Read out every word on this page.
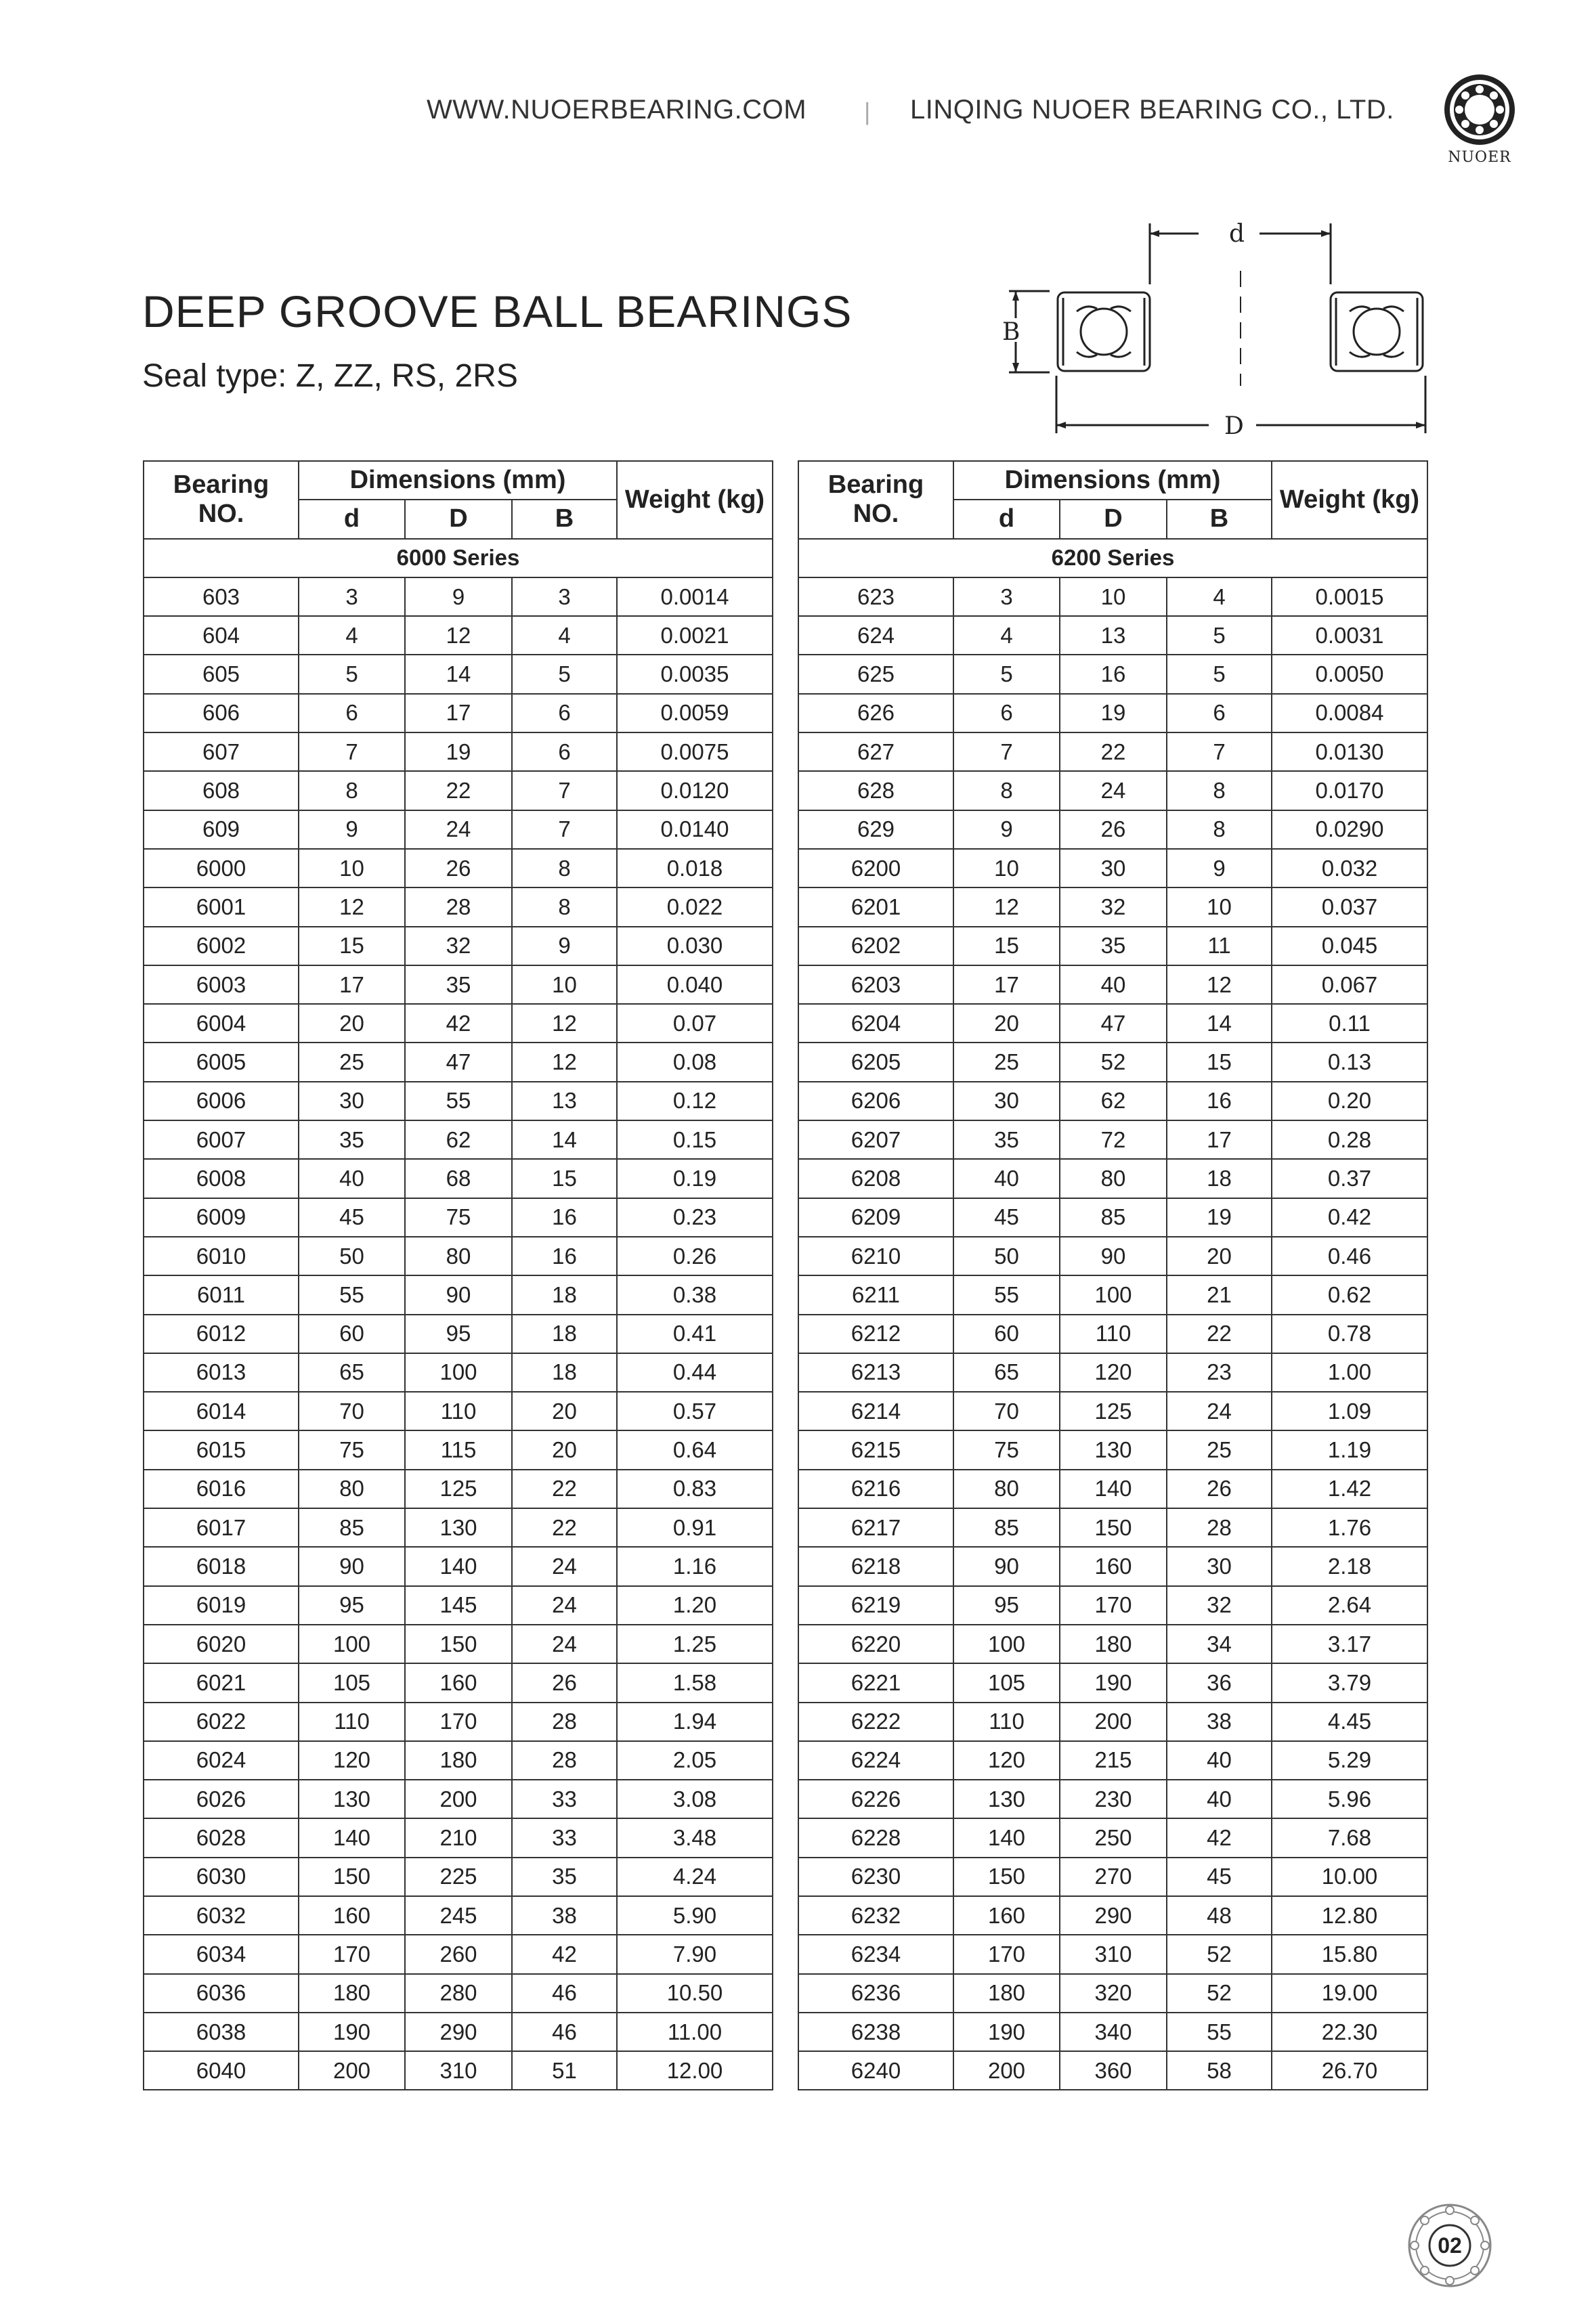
WWW.NUOERBEARING.COM | LINQING NUOER BEARING CO., LTD.
NUOER
DEEP GROOVE BALL BEARINGS
Seal type: Z, ZZ, RS, 2RS
d
B
D
Bearing
NO.	Dimensions (mm)			Weight (kg)
	d	D	B	
6000 Series				
603	3	9	3	0.0014
604	4	12	4	0.0021
605	5	14	5	0.0035
606	6	17	6	0.0059
607	7	19	6	0.0075
608	8	22	7	0.0120
609	9	24	7	0.0140
6000	10	26	8	0.018
6001	12	28	8	0.022
6002	15	32	9	0.030
6003	17	35	10	0.040
6004	20	42	12	0.07
6005	25	47	12	0.08
6006	30	55	13	0.12
6007	35	62	14	0.15
6008	40	68	15	0.19
6009	45	75	16	0.23
6010	50	80	16	0.26
6011	55	90	18	0.38
6012	60	95	18	0.41
6013	65	100	18	0.44
6014	70	110	20	0.57
6015	75	115	20	0.64
6016	80	125	22	0.83
6017	85	130	22	0.91
6018	90	140	24	1.16
6019	95	145	24	1.20
6020	100	150	24	1.25
6021	105	160	26	1.58
6022	110	170	28	1.94
6024	120	180	28	2.05
6026	130	200	33	3.08
6028	140	210	33	3.48
6030	150	225	35	4.24
6032	160	245	38	5.90
6034	170	260	42	7.90
6036	180	280	46	10.50
6038	190	290	46	11.00
6040	200	310	51	12.00
Bearing
NO.	Dimensions (mm)			Weight (kg)
	d	D	B	
6200 Series				
623	3	10	4	0.0015
624	4	13	5	0.0031
625	5	16	5	0.0050
626	6	19	6	0.0084
627	7	22	7	0.0130
628	8	24	8	0.0170
629	9	26	8	0.0290
6200	10	30	9	0.032
6201	12	32	10	0.037
6202	15	35	11	0.045
6203	17	40	12	0.067
6204	20	47	14	0.11
6205	25	52	15	0.13
6206	30	62	16	0.20
6207	35	72	17	0.28
6208	40	80	18	0.37
6209	45	85	19	0.42
6210	50	90	20	0.46
6211	55	100	21	0.62
6212	60	110	22	0.78
6213	65	120	23	1.00
6214	70	125	24	1.09
6215	75	130	25	1.19
6216	80	140	26	1.42
6217	85	150	28	1.76
6218	90	160	30	2.18
6219	95	170	32	2.64
6220	100	180	34	3.17
6221	105	190	36	3.79
6222	110	200	38	4.45
6224	120	215	40	5.29
6226	130	230	40	5.96
6228	140	250	42	7.68
6230	150	270	45	10.00
6232	160	290	48	12.80
6234	170	310	52	15.80
6236	180	320	52	19.00
6238	190	340	55	22.30
6240	200	360	58	26.70
02
